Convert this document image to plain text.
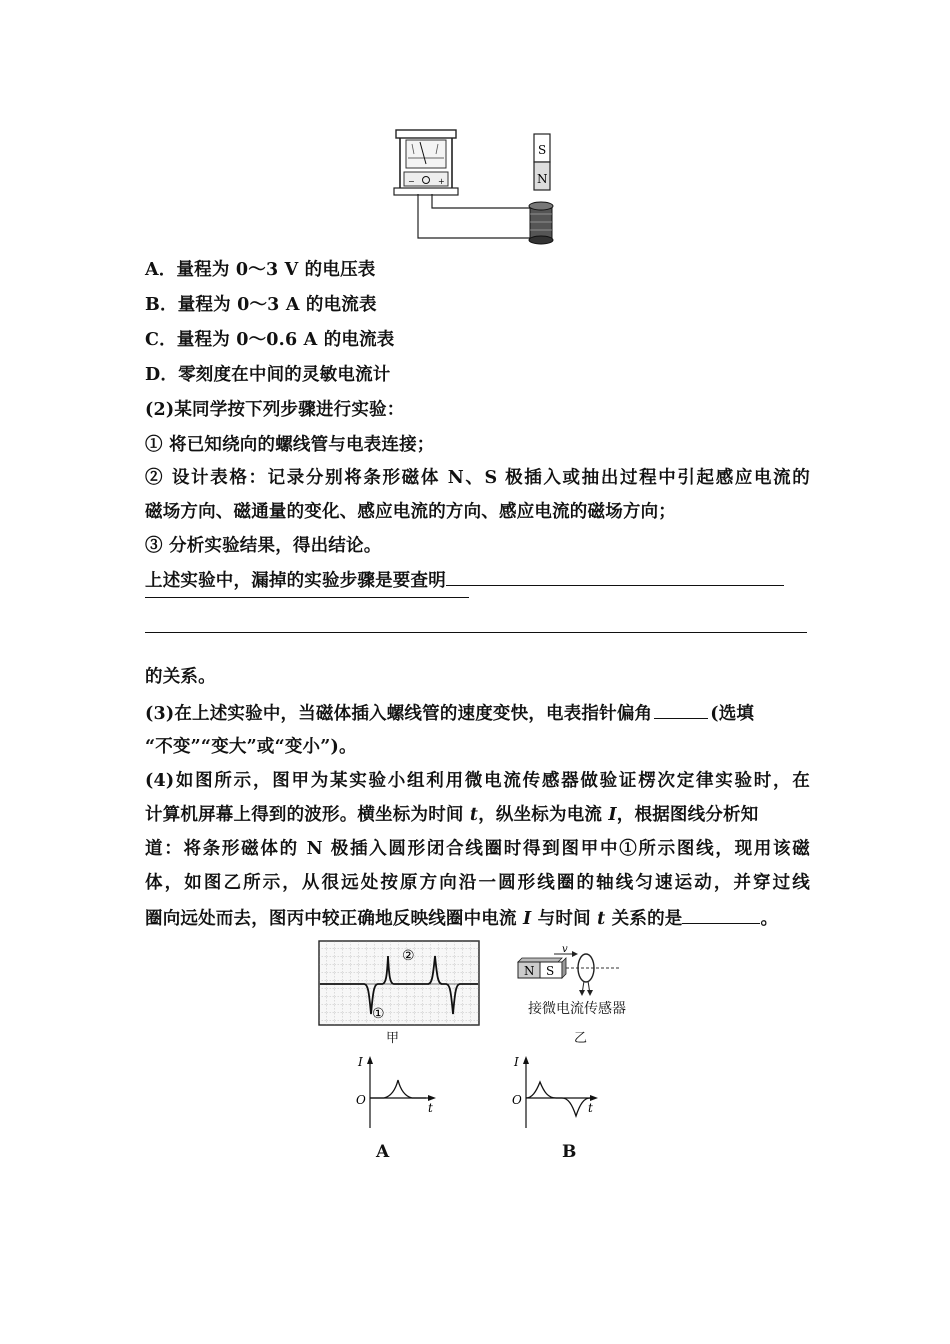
−	+
S
N
A．量程为 0～3 V 的电压表
B．量程为 0～3 A 的电流表
C．量程为 0～0.6 A 的电流表
D．零刻度在中间的灵敏电流计
(2)某同学按下列步骤进行实验：
① 将已知绕向的螺线管与电表连接；
② 设计表格：记录分别将条形磁体 N、S 极插入或抽出过程中引起感应电流的
磁场方向、磁通量的变化、感应电流的方向、感应电流的磁场方向；
③ 分析实验结果，得出结论。
上述实验中，漏掉的实验步骤是要查明
的关系。
(3)在上述实验中，当磁体插入螺线管的速度变快，电表指针偏角	(选填
“不变”“变大”或“变小”)。
(4)如图所示，图甲为某实验小组利用微电流传感器做验证楞次定律实验时，在
计算机屏幕上得到的波形。横坐标为时间 t，纵坐标为电流 I，根据图线分析知
道：将条形磁体的 N 极插入圆形闭合线圈时得到图甲中①所示图线，现用该磁
体，如图乙所示，从很远处按原方向沿一圆形线圈的轴线匀速运动，并穿过线
圈向远处而去，图丙中较正确地反映线圈中电流 I 与时间 t 关系的是	。
②
①
甲
N S
v
接微电流传感器
乙
I
O
t
A
I
O
t
B
